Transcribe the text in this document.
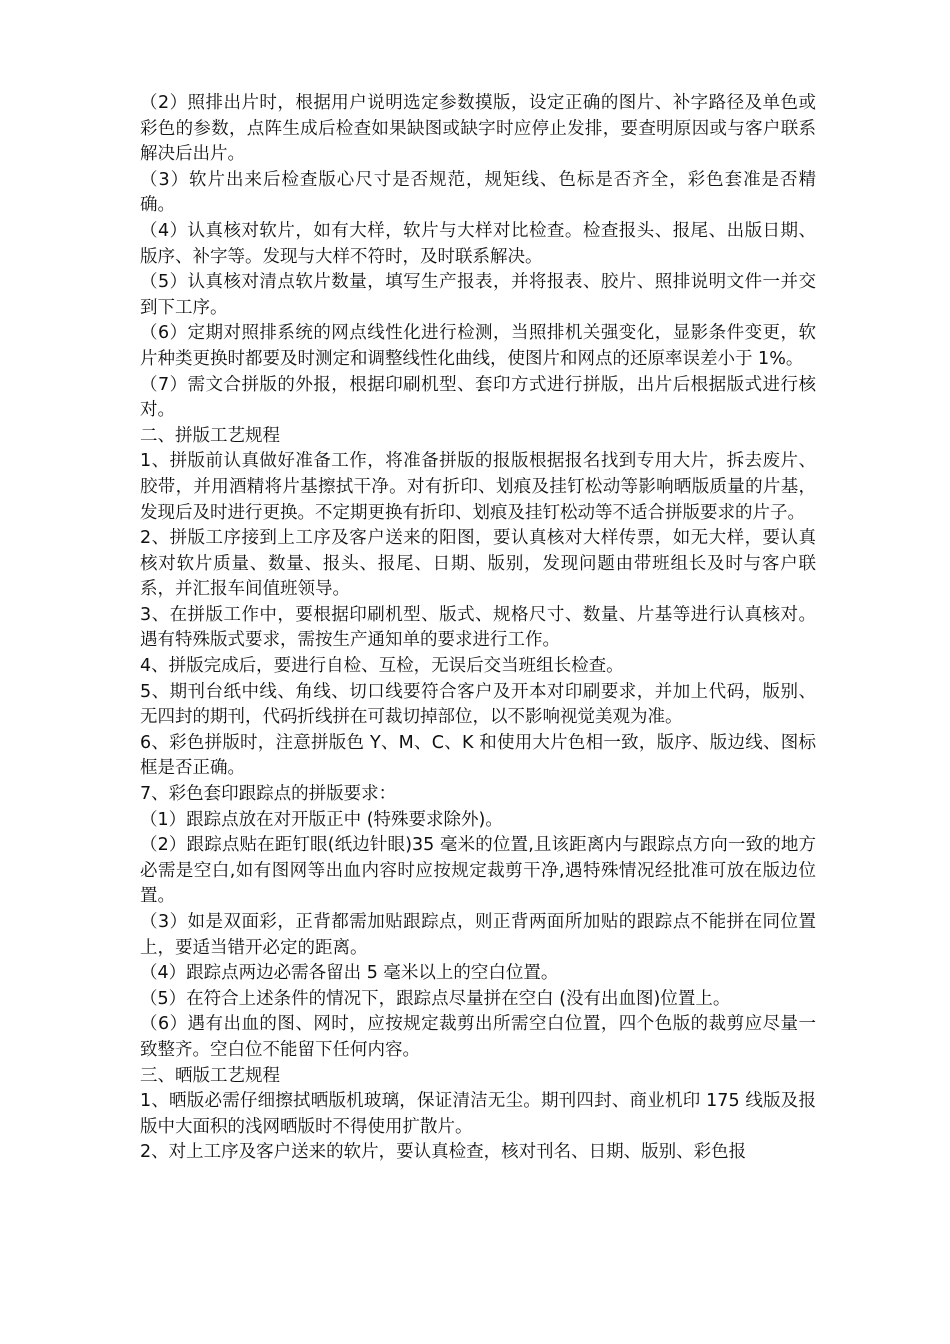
（2）照排出片时，根据用户说明选定参数摸版，设定正确的图片、补字路径及单色或彩色的参数，点阵生成后检查如果缺图或缺字时应停止发排，要查明原因或与客户联系解决后出片。

（3）软片出来后检查版心尺寸是否规范，规矩线、色标是否齐全，彩色套准是否精确。

（4）认真核对软片，如有大样，软片与大样对比检查。检查报头、报尾、出版日期、版序、补字等。发现与大样不符时，及时联系解决。

（5）认真核对清点软片数量，填写生产报表，并将报表、胶片、照排说明文件一并交到下工序。

（6）定期对照排系统的网点线性化进行检测，当照排机关强变化，显影条件变更，软片种类更换时都要及时测定和调整线性化曲线，使图片和网点的还原率误差小于 1%。

（7）需文合拼版的外报，根据印刷机型、套印方式进行拼版，出片后根据版式进行核对。

二、拼版工艺规程

1、拼版前认真做好准备工作，将准备拼版的报版根据报名找到专用大片，拆去废片、胶带，并用酒精将片基擦拭干净。对有折印、划痕及挂钉松动等影响晒版质量的片基，发现后及时进行更换。不定期更换有折印、划痕及挂钉松动等不适合拼版要求的片子。

2、拼版工序接到上工序及客户送来的阳图，要认真核对大样传票，如无大样，要认真核对软片质量、数量、报头、报尾、日期、版别，发现问题由带班组长及时与客户联系，并汇报车间值班领导。

3、在拼版工作中，要根据印刷机型、版式、规格尺寸、数量、片基等进行认真核对。遇有特殊版式要求，需按生产通知单的要求进行工作。

4、拼版完成后，要进行自检、互检，无误后交当班组长检查。

5、期刊台纸中线、角线、切口线要符合客户及开本对印刷要求，并加上代码，版别、无四封的期刊，代码折线拼在可裁切掉部位，以不影响视觉美观为准。

6、彩色拼版时，注意拼版色 Y、M、C、K 和使用大片色相一致，版序、版边线、图标框是否正确。

7、彩色套印跟踪点的拼版要求：

（1）跟踪点放在对开版正中 (特殊要求除外)。

（2）跟踪点贴在距钉眼(纸边针眼)35 毫米的位置,且该距离内与跟踪点方向一致的地方必需是空白,如有图网等出血内容时应按规定裁剪干净,遇特殊情况经批准可放在版边位置。

（3）如是双面彩，正背都需加贴跟踪点，则正背两面所加贴的跟踪点不能拼在同位置上，要适当错开必定的距离。

（4）跟踪点两边必需各留出 5 毫米以上的空白位置。

（5）在符合上述条件的情况下，跟踪点尽量拼在空白 (没有出血图)位置上。

（6）遇有出血的图、网时，应按规定裁剪出所需空白位置，四个色版的裁剪应尽量一致整齐。空白位不能留下任何内容。

三、晒版工艺规程

1、晒版必需仔细擦拭晒版机玻璃，保证清洁无尘。期刊四封、商业机印 175 线版及报版中大面积的浅网晒版时不得使用扩散片。

2、对上工序及客户送来的软片，要认真检查，核对刊名、日期、版别、彩色报
